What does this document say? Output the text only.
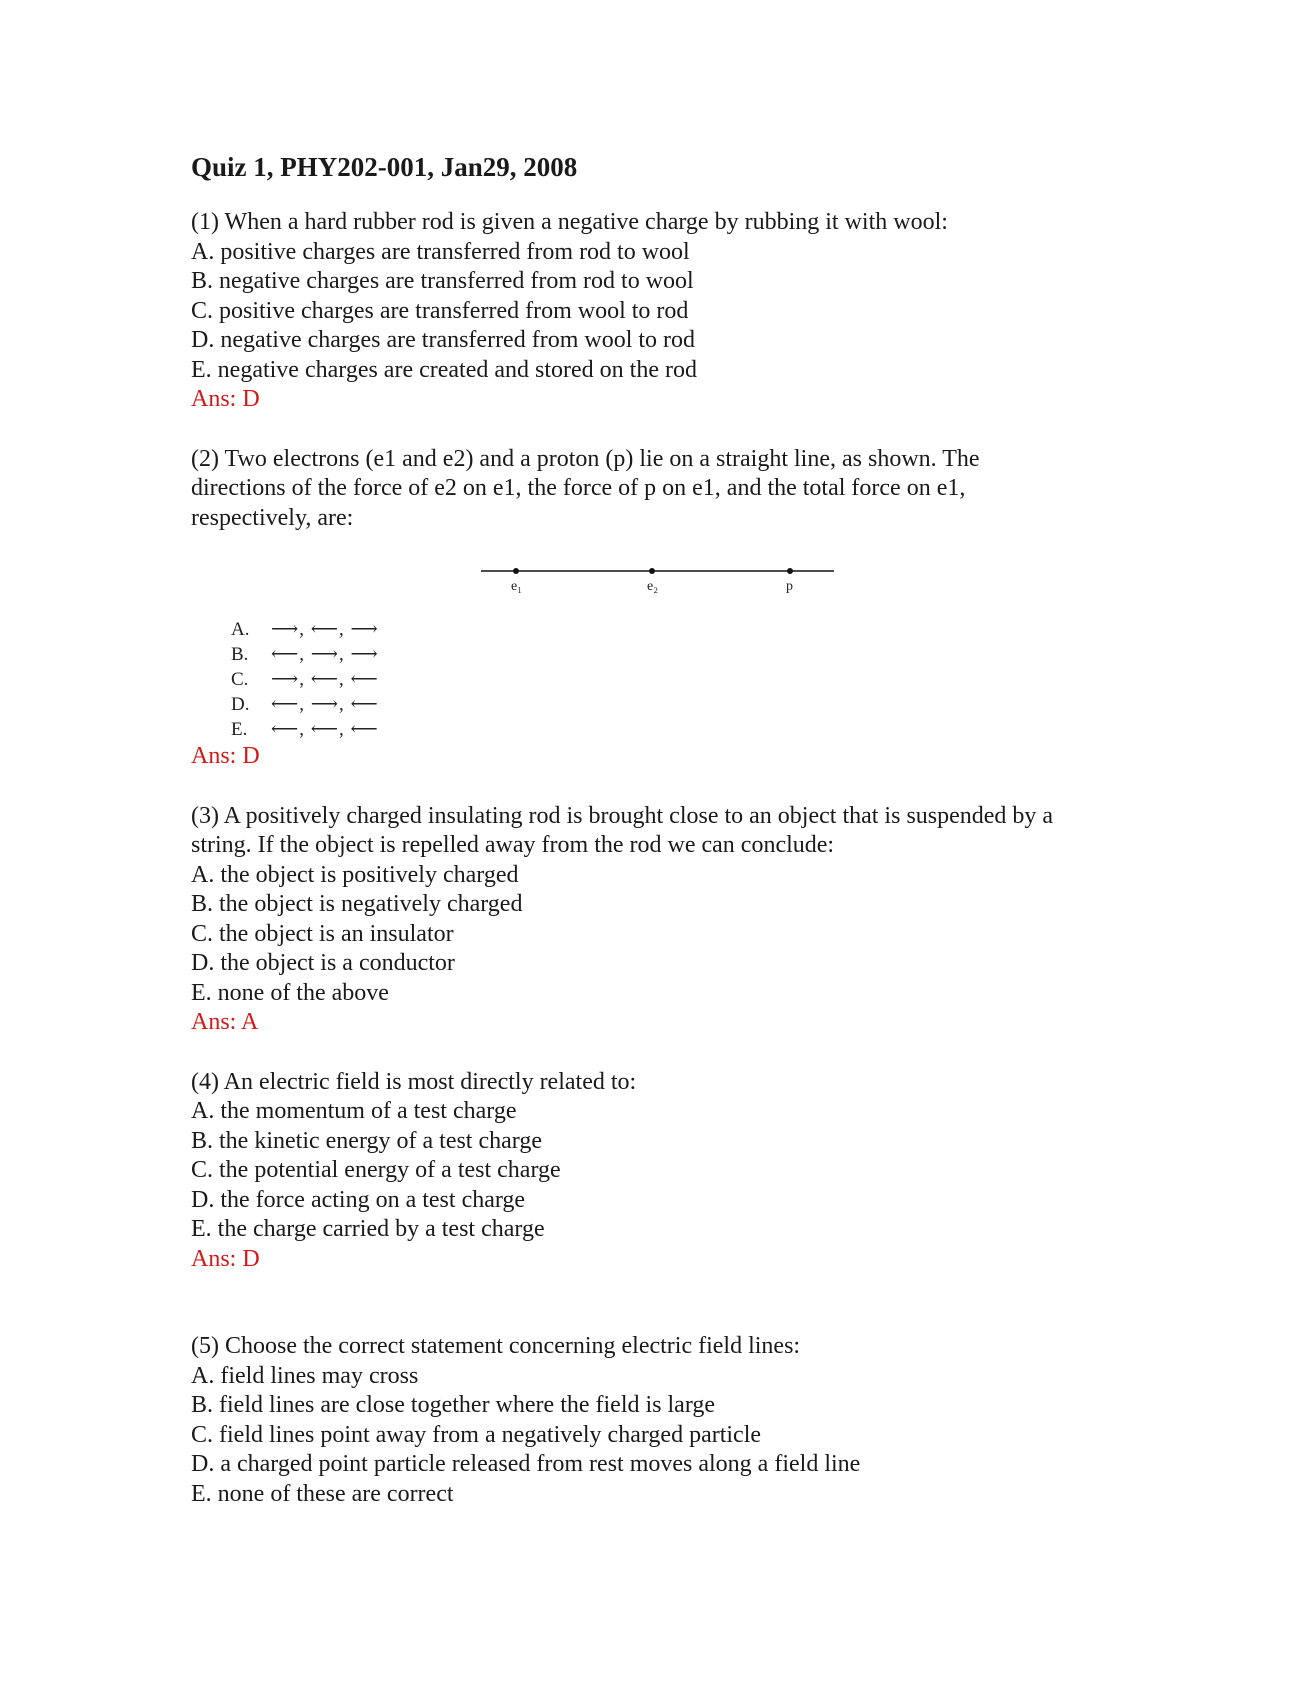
Quiz 1, PHY202-001, Jan29, 2008
(1) When a hard rubber rod is given a negative charge by rubbing it with wool:
A. positive charges are transferred from rod to wool
B. negative charges are transferred from rod to wool
C. positive charges are transferred from wool to rod
D. negative charges are transferred from wool to rod
E. negative charges are created and stored on the rod
Ans: D
(2) Two electrons (e1 and e2) and a proton (p) lie on a straight line, as shown. The directions of the force of e2 on e1, the force of p on e1, and the total force on e1, respectively, are:
e₁	e₂	p
A.	⟶, ⟵, ⟶
B.	⟵, ⟶, ⟶
C.	⟶, ⟵, ⟵
D.	⟵, ⟶, ⟵
E.	⟵, ⟵, ⟵
Ans: D
(3) A positively charged insulating rod is brought close to an object that is suspended by a string. If the object is repelled away from the rod we can conclude:
A. the object is positively charged
B. the object is negatively charged
C. the object is an insulator
D. the object is a conductor
E. none of the above
Ans: A
(4) An electric field is most directly related to:
A. the momentum of a test charge
B. the kinetic energy of a test charge
C. the potential energy of a test charge
D. the force acting on a test charge
E. the charge carried by a test charge
Ans: D
(5) Choose the correct statement concerning electric field lines:
A. field lines may cross
B. field lines are close together where the field is large
C. field lines point away from a negatively charged particle
D. a charged point particle released from rest moves along a field line
E. none of these are correct
